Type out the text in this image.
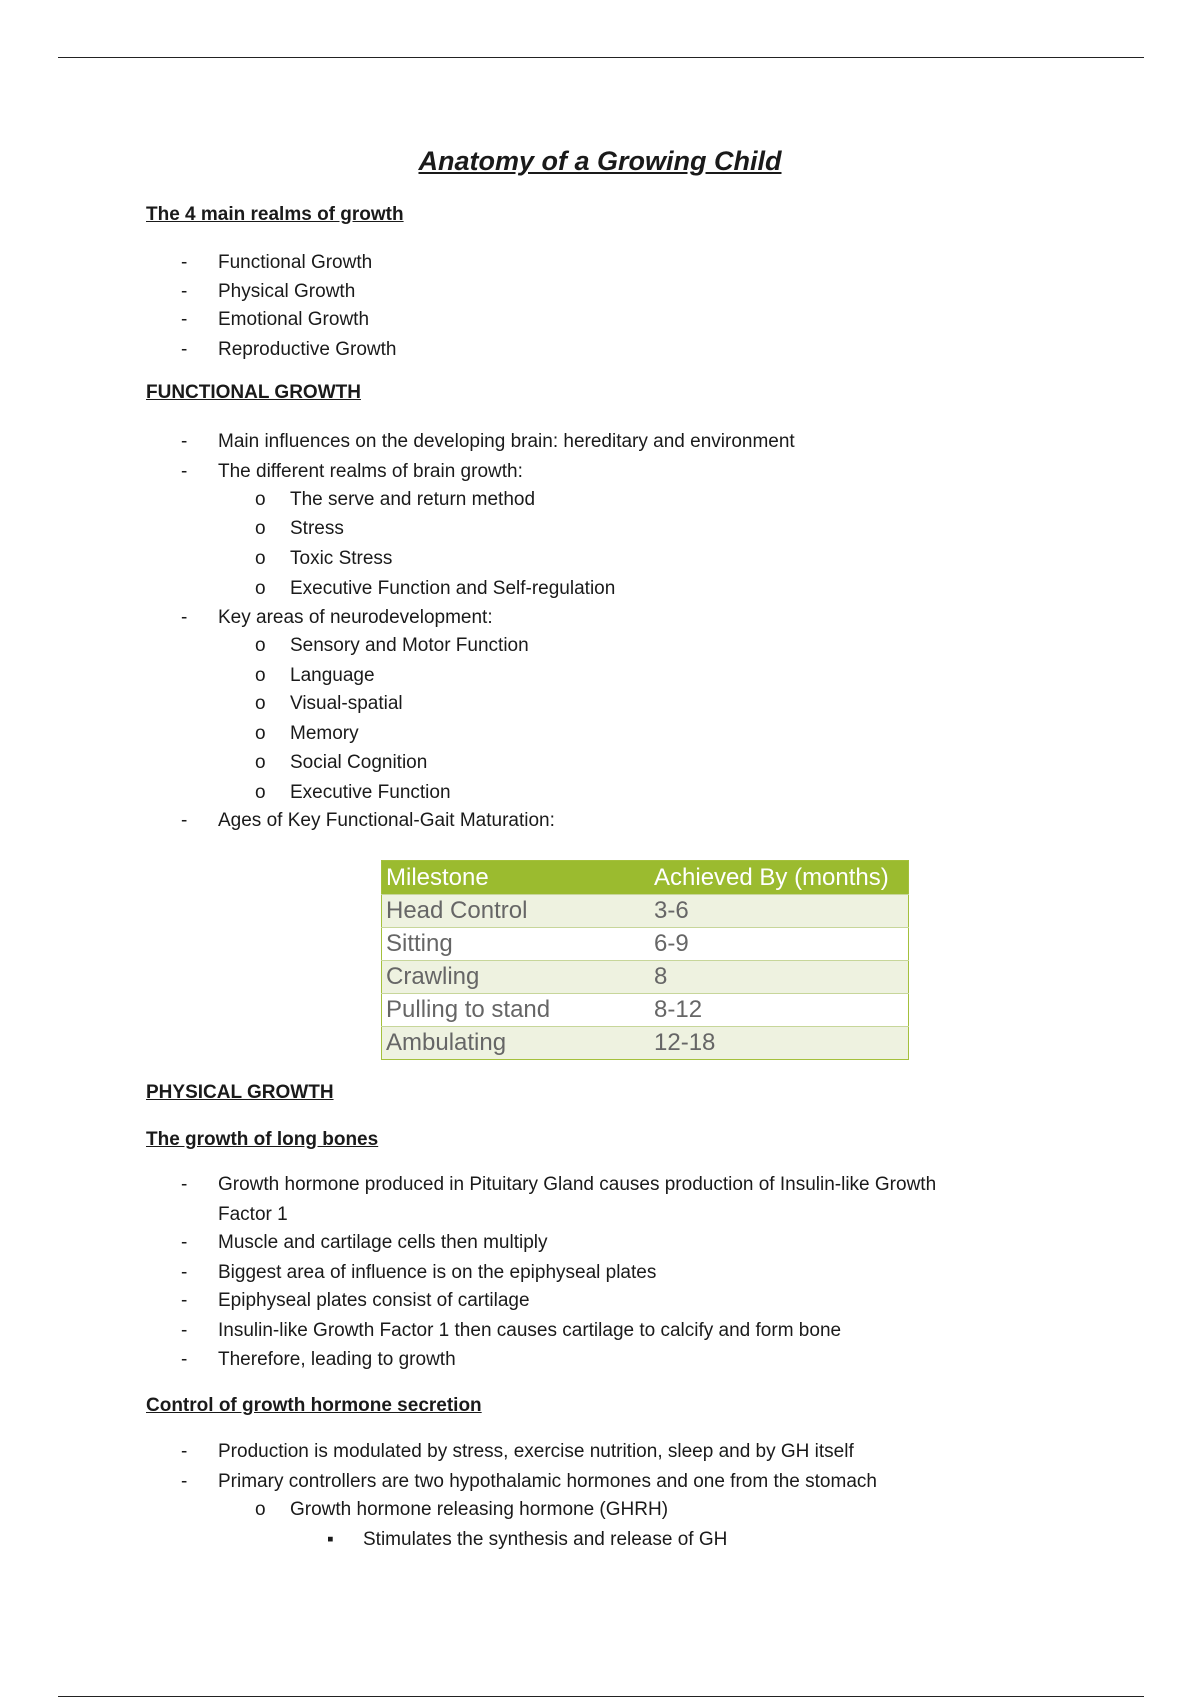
Anatomy of a Growing Child
The 4 main realms of growth
- Functional Growth
- Physical Growth
- Emotional Growth
- Reproductive Growth
FUNCTIONAL GROWTH
- Main influences on the developing brain: hereditary and environment
- The different realms of brain growth:
o The serve and return method
o Stress
o Toxic Stress
o Executive Function and Self-regulation
- Key areas of neurodevelopment:
o Sensory and Motor Function
o Language
o Visual-spatial
o Memory
o Social Cognition
o Executive Function
- Ages of Key Functional-Gait Maturation:
Milestone	Achieved By (months)
Head Control	3-6
Sitting	6-9
Crawling	8
Pulling to stand	8-12
Ambulating	12-18
PHYSICAL GROWTH
The growth of long bones
- Growth hormone produced in Pituitary Gland causes production of Insulin-like Growth
Factor 1
- Muscle and cartilage cells then multiply
- Biggest area of influence is on the epiphyseal plates
- Epiphyseal plates consist of cartilage
- Insulin-like Growth Factor 1 then causes cartilage to calcify and form bone
- Therefore, leading to growth
Control of growth hormone secretion
- Production is modulated by stress, exercise nutrition, sleep and by GH itself
- Primary controllers are two hypothalamic hormones and one from the stomach
o Growth hormone releasing hormone (GHRH)
▪ Stimulates the synthesis and release of GH
